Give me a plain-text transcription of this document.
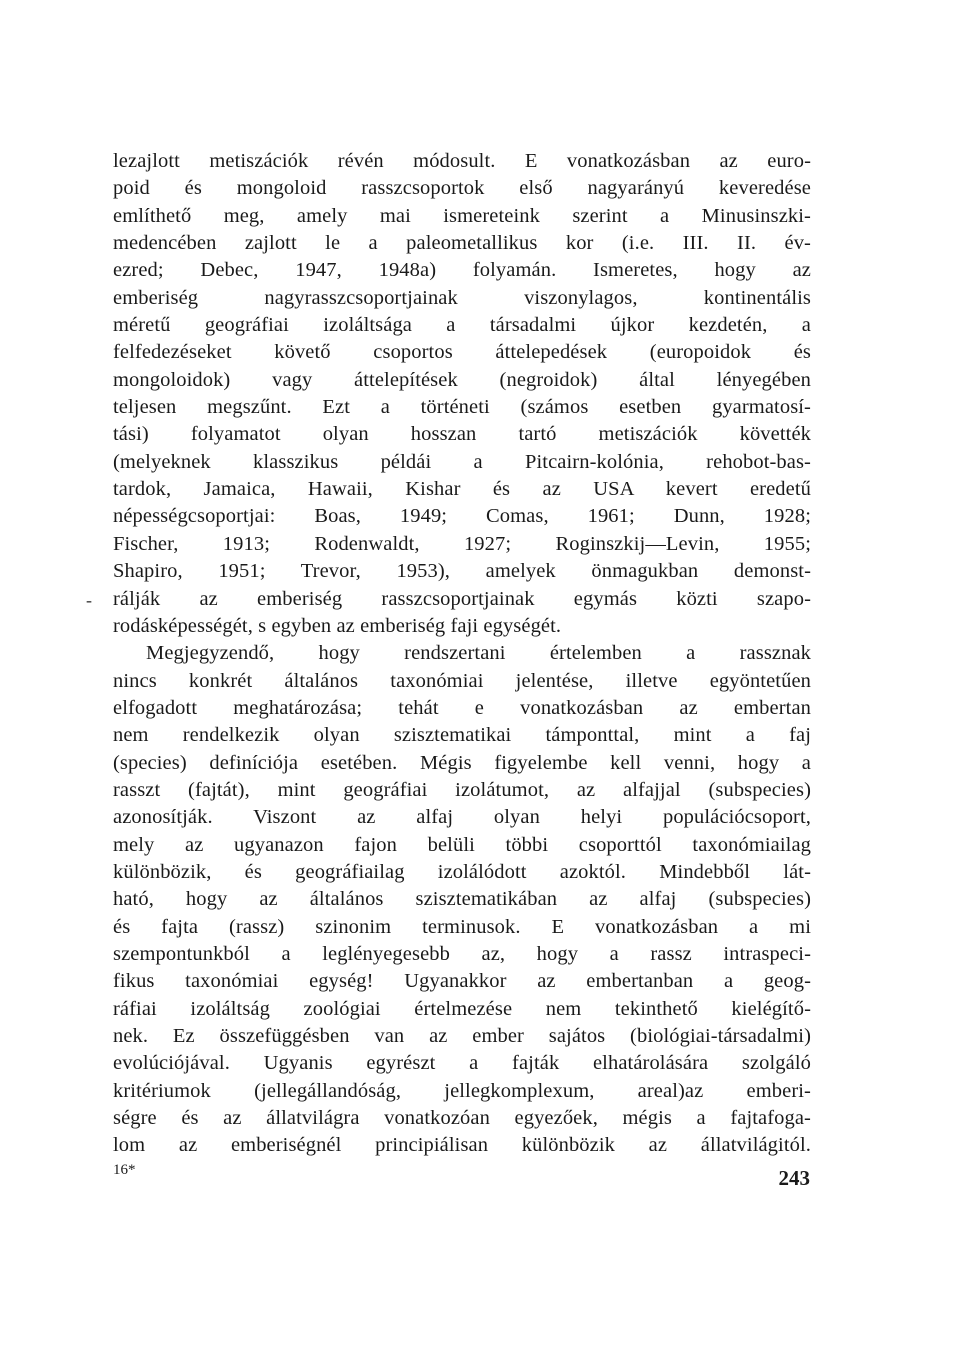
lezajlott metiszációk révén módosult. E vonatkozásban az euro-
poid és mongoloid rasszcsoportok első nagyarányú keveredése
említhető meg, amely mai ismereteink szerint a Minusinszki-
medencében zajlott le a paleometallikus kor (i.e. III. II. év-
ezred; Debec, 1947, 1948a) folyamán. Ismeretes, hogy az
emberiség nagyrasszcsoportjainak viszonylagos, kontinentális
méretű geográfiai izoláltsága a társadalmi újkor kezdetén, a
felfedezéseket követő csoportos áttelepedések (europoidok és
mongoloidok) vagy áttelepítések (negroidok) által lényegében
teljesen megszűnt. Ezt a történeti (számos esetben gyarmatosí-
tási) folyamatot olyan hosszan tartó metiszációk követték
(melyeknek klasszikus példái a Pitcairn-kolónia, rehobot-bas-
tardok, Jamaica, Hawaii, Kishar és az USA kevert eredetű
népességcsoportjai: Boas, 1949; Comas, 1961; Dunn, 1928;
Fischer, 1913; Rodenwaldt, 1927; Roginszkij—Levin, 1955;
Shapiro, 1951; Trevor, 1953), amelyek önmagukban demonst-
rálják az emberiség rasszcsoportjainak egymás közti szapo-
rodásképességét, s egyben az emberiség faji egységét.
Megjegyzendő, hogy rendszertani értelemben a rassznak
nincs konkrét általános taxonómiai jelentése, illetve egyöntetűen
elfogadott meghatározása; tehát e vonatkozásban az embertan
nem rendelkezik olyan szisztematikai támponttal, mint a faj
(species) definíciója esetében. Mégis figyelembe kell venni, hogy a
rasszt (fajtát), mint geográfiai izolátumot, az alfajjal (subspecies)
azonosítják. Viszont az alfaj olyan helyi populációcsoport,
mely az ugyanazon fajon belüli többi csoporttól taxonómiailag
különbözik, és geográfiailag izolálódott azoktól. Mindebből lát-
ható, hogy az általános szisztematikában az alfaj (subspecies)
és fajta (rassz) szinonim terminusok. E vonatkozásban a mi
szempontunkból a leglényegesebb az, hogy a rassz intraspeci-
fikus taxonómiai egység! Ugyanakkor az embertanban a geog-
ráfiai izoláltság zoológiai értelmezése nem tekinthető kielégítő-
nek. Ez összefüggésben van az ember sajátos (biológiai-társadalmi)
evolúciójával. Ugyanis egyrészt a fajták elhatárolására szolgáló
kritériumok (jellegállandóság, jellegkomplexum, areal)az emberi-
ségre és az állatvilágra vonatkozóan egyezőek, mégis a fajtafoga-
lom az emberiségnél principiálisan különbözik az állatvilágitól.
-
16*	243
